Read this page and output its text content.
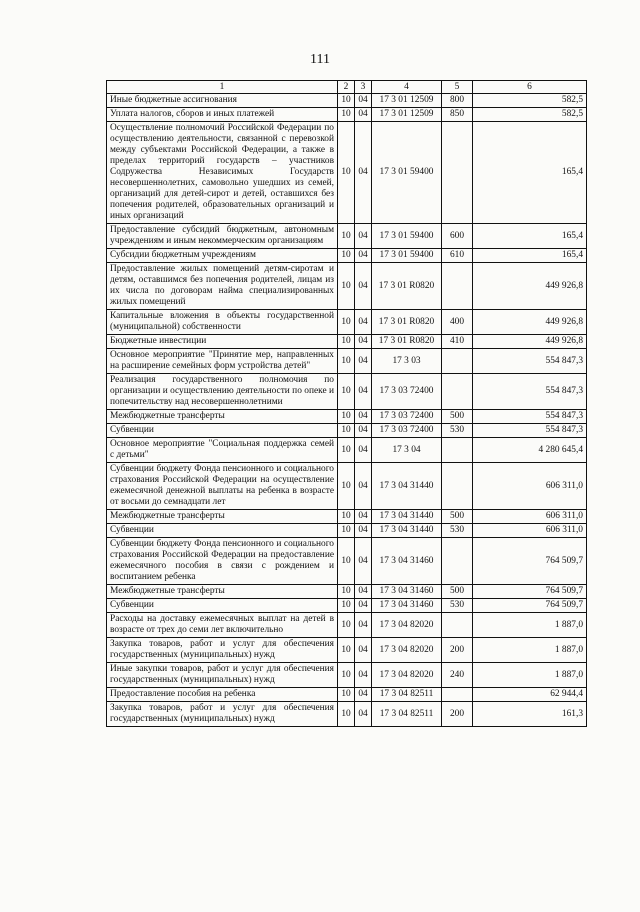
111
1	2	3	4	5	6
Иные бюджетные ассигнования	10	04	17 3 01 12509	800	582,5
Уплата налогов, сборов и иных платежей	10	04	17 3 01 12509	850	582,5
Осуществление полномочий Российской Федерации по осуществлению деятельности, связанной с перевозкой между субъектами Российской Федерации, а также в пределах территорий государств – участников Содружества Независимых Государств несовершеннолетних, самовольно ушедших из семей, организаций для детей-сирот и детей, оставшихся без попечения родителей, образовательных организаций и иных организаций	10	04	17 3 01 59400		165,4
Предоставление субсидий бюджетным, автономным учреждениям и иным некоммерческим организациям	10	04	17 3 01 59400	600	165,4
Субсидии бюджетным учреждениям	10	04	17 3 01 59400	610	165,4
Предоставление жилых помещений детям-сиротам и детям, оставшимся без попечения родителей, лицам из их числа по договорам найма специализированных жилых помещений	10	04	17 3 01 R0820		449 926,8
Капитальные вложения в объекты государственной (муниципальной) собственности	10	04	17 3 01 R0820	400	449 926,8
Бюджетные инвестиции	10	04	17 3 01 R0820	410	449 926,8
Основное мероприятие "Принятие мер, направленных на расширение семейных форм устройства детей"	10	04	17 3 03		554 847,3
Реализация государственного полномочия по организации и осуществлению деятельности по опеке и попечительству над несовершеннолетними	10	04	17 3 03 72400		554 847,3
Межбюджетные трансферты	10	04	17 3 03 72400	500	554 847,3
Субвенции	10	04	17 3 03 72400	530	554 847,3
Основное мероприятие "Социальная поддержка семей с детьми"	10	04	17 3 04		4 280 645,4
Субвенции бюджету Фонда пенсионного и социального страхования Российской Федерации на осуществление ежемесячной денежной выплаты на ребенка в возрасте от восьми до семнадцати лет	10	04	17 3 04 31440		606 311,0
Межбюджетные трансферты	10	04	17 3 04 31440	500	606 311,0
Субвенции	10	04	17 3 04 31440	530	606 311,0
Субвенции бюджету Фонда пенсионного и социального страхования Российской Федерации на предоставление ежемесячного пособия в связи с рождением и воспитанием ребенка	10	04	17 3 04 31460		764 509,7
Межбюджетные трансферты	10	04	17 3 04 31460	500	764 509,7
Субвенции	10	04	17 3 04 31460	530	764 509,7
Расходы на доставку ежемесячных выплат на детей в возрасте от трех до семи лет включительно	10	04	17 3 04 82020		1 887,0
Закупка товаров, работ и услуг для обеспечения государственных (муниципальных) нужд	10	04	17 3 04 82020	200	1 887,0
Иные закупки товаров, работ и услуг для обеспечения государственных (муниципальных) нужд	10	04	17 3 04 82020	240	1 887,0
Предоставление пособия на ребенка	10	04	17 3 04 82511		62 944,4
Закупка товаров, работ и услуг для обеспечения государственных (муниципальных) нужд	10	04	17 3 04 82511	200	161,3
